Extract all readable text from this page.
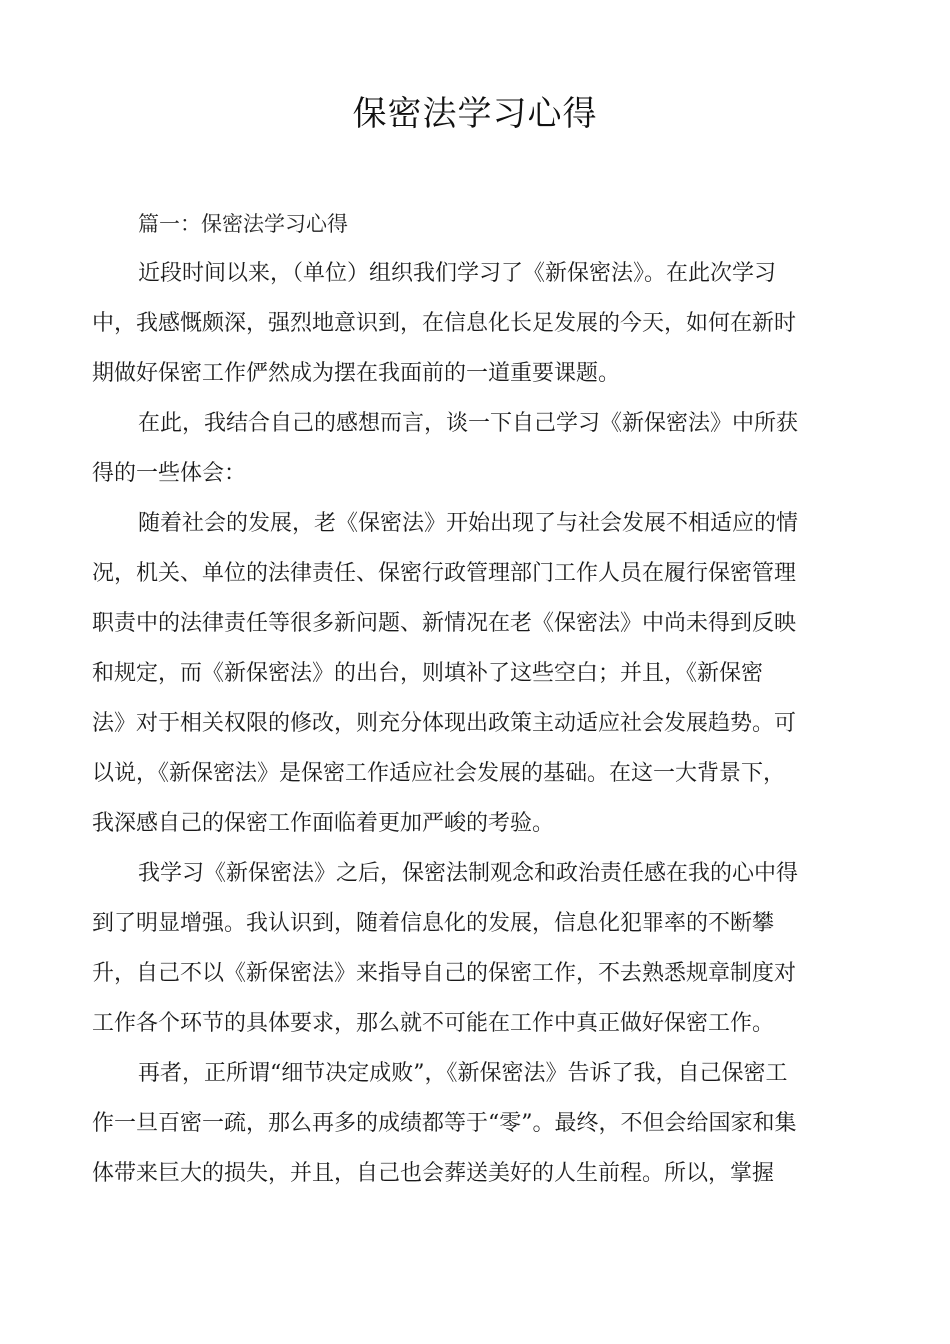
保密法学习心得
篇一：保密法学习心得
近段时间以来，（单位）组织我们学习了《新保密法》。在此次学习
中，我感慨颇深，强烈地意识到，在信息化长足发展的今天，如何在新时
期做好保密工作俨然成为摆在我面前的一道重要课题。
在此，我结合自己的感想而言，谈一下自己学习《新保密法》中所获
得的一些体会：
随着社会的发展，老《保密法》开始出现了与社会发展不相适应的情
况，机关、单位的法律责任、保密行政管理部门工作人员在履行保密管理
职责中的法律责任等很多新问题、新情况在老《保密法》中尚未得到反映
和规定，而《新保密法》的出台，则填补了这些空白；并且，《新保密
法》对于相关权限的修改，则充分体现出政策主动适应社会发展趋势。可
以说，《新保密法》是保密工作适应社会发展的基础。在这一大背景下，
我深感自己的保密工作面临着更加严峻的考验。
我学习《新保密法》之后，保密法制观念和政治责任感在我的心中得
到了明显增强。我认识到，随着信息化的发展，信息化犯罪率的不断攀
升，自己不以《新保密法》来指导自己的保密工作，不去熟悉规章制度对
工作各个环节的具体要求，那么就不可能在工作中真正做好保密工作。
再者，正所谓“细节决定成败”，《新保密法》告诉了我，自己保密工
作一旦百密一疏，那么再多的成绩都等于“零”。最终，不但会给国家和集
体带来巨大的损失，并且，自己也会葬送美好的人生前程。所以，掌握
